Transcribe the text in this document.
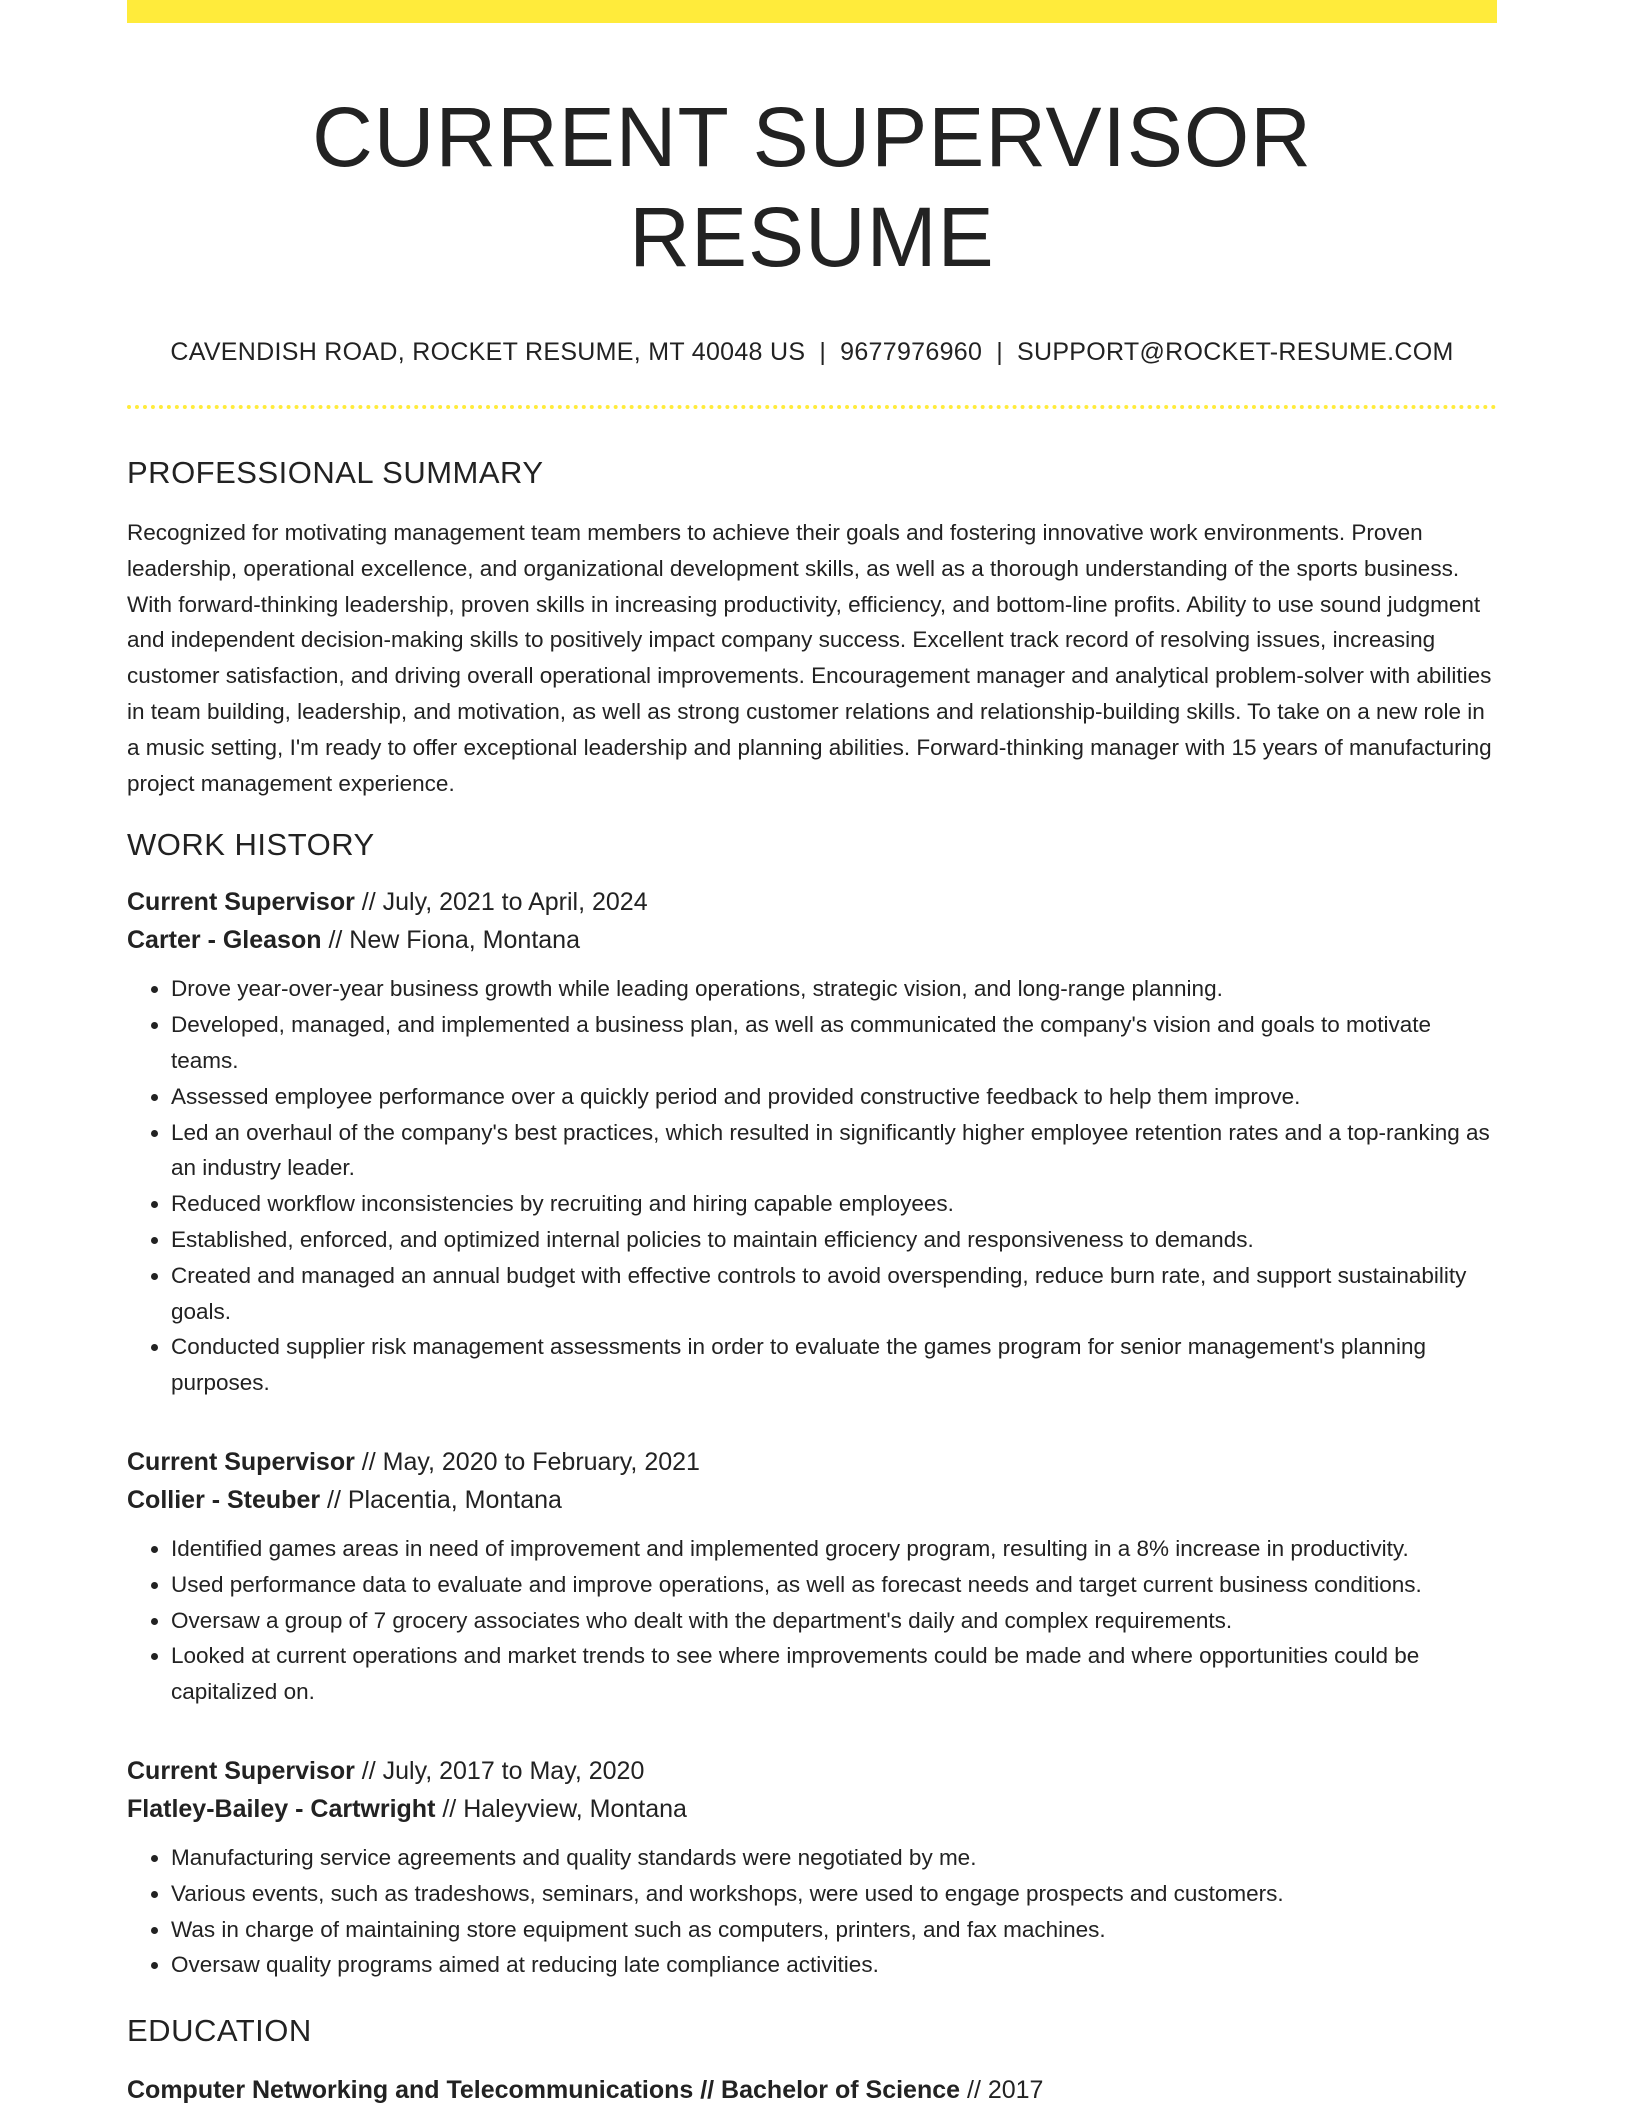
CURRENT SUPERVISOR RESUME
CAVENDISH ROAD, ROCKET RESUME, MT 40048 US | 9677976960 | SUPPORT@ROCKET-RESUME.COM
PROFESSIONAL SUMMARY

Recognized for motivating management team members to achieve their goals and fostering innovative work environments. Proven leadership, operational excellence, and organizational development skills, as well as a thorough understanding of the sports business. With forward-thinking leadership, proven skills in increasing productivity, efficiency, and bottom-line profits. Ability to use sound judgment and independent decision-making skills to positively impact company success. Excellent track record of resolving issues, increasing customer satisfaction, and driving overall operational improvements. Encouragement manager and analytical problem-solver with abilities in team building, leadership, and motivation, as well as strong customer relations and relationship-building skills. To take on a new role in a music setting, I'm ready to offer exceptional leadership and planning abilities. Forward-thinking manager with 15 years of manufacturing project management experience.

WORK HISTORY
Current Supervisor // July, 2021 to April, 2024
Carter - Gleason // New Fiona, Montana
• Drove year-over-year business growth while leading operations, strategic vision, and long-range planning.
• Developed, managed, and implemented a business plan, as well as communicated the company's vision and goals to motivate teams.
• Assessed employee performance over a quickly period and provided constructive feedback to help them improve.
• Led an overhaul of the company's best practices, which resulted in significantly higher employee retention rates and a top-ranking as an industry leader.
• Reduced workflow inconsistencies by recruiting and hiring capable employees.
• Established, enforced, and optimized internal policies to maintain efficiency and responsiveness to demands.
• Created and managed an annual budget with effective controls to avoid overspending, reduce burn rate, and support sustainability goals.
• Conducted supplier risk management assessments in order to evaluate the games program for senior management's planning purposes.
Current Supervisor // May, 2020 to February, 2021
Collier - Steuber // Placentia, Montana
• Identified games areas in need of improvement and implemented grocery program, resulting in a 8% increase in productivity.
• Used performance data to evaluate and improve operations, as well as forecast needs and target current business conditions.
• Oversaw a group of 7 grocery associates who dealt with the department's daily and complex requirements.
• Looked at current operations and market trends to see where improvements could be made and where opportunities could be capitalized on.
Current Supervisor // July, 2017 to May, 2020
Flatley-Bailey - Cartwright // Haleyview, Montana
• Manufacturing service agreements and quality standards were negotiated by me.
• Various events, such as tradeshows, seminars, and workshops, were used to engage prospects and customers.
• Was in charge of maintaining store equipment such as computers, printers, and fax machines.
• Oversaw quality programs aimed at reducing late compliance activities.
EDUCATION
Computer Networking and Telecommunications // Bachelor of Science // 2017
